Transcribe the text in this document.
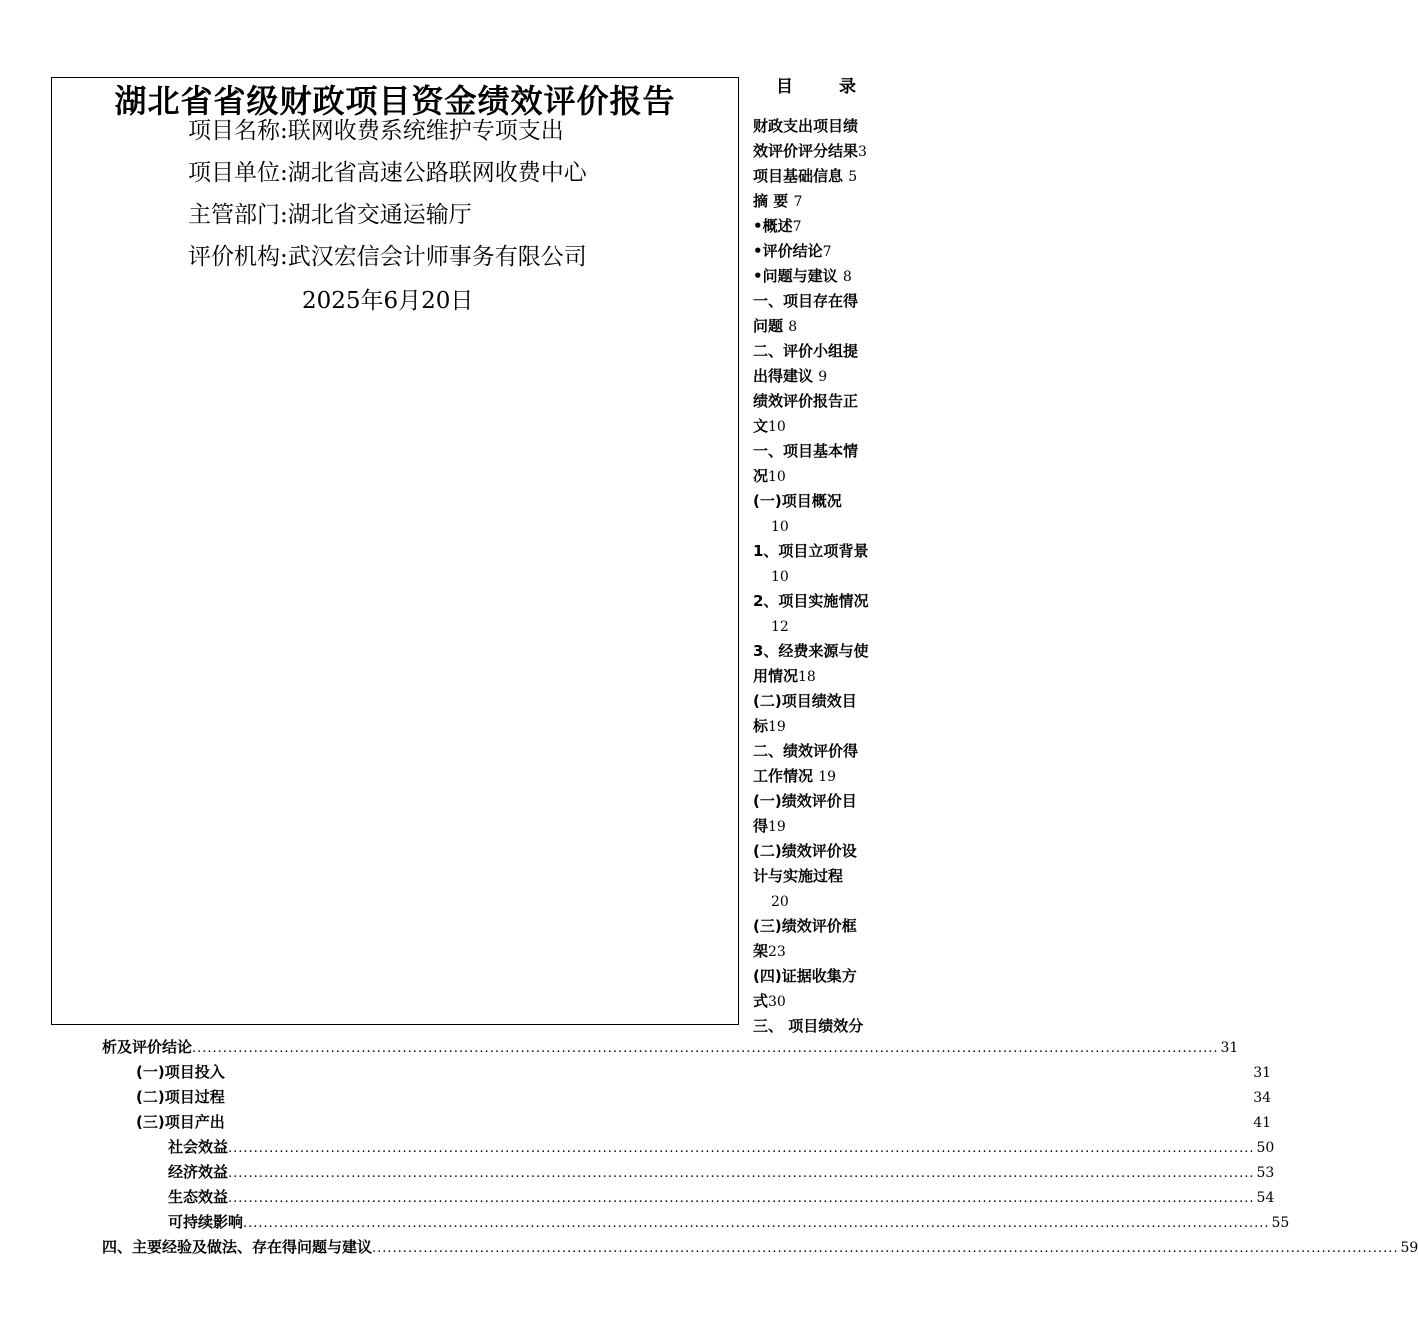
湖北省省级财政项目资金绩效评价报告
项目名称:联网收费系统维护专项支出
项目单位:湖北省高速公路联网收费中心
主管部门:湖北省交通运输厅
评价机构:武汉宏信会计师事务有限公司
2025年6月20日
目 录
财政支出项目绩
效评价评分结果3
项目基础信息 5
摘 要 7
•概述7
•评价结论7
•问题与建议 8
一、项目存在得
问题 8
二、评价小组提
出得建议 9
绩效评价报告正
文10
一、项目基本情
况10
(一)项目概况
10
1、项目立项背景
10
2、项目实施情况
12
3、经费来源与使
用情况18
(二)项目绩效目
标19
二、绩效评价得
工作情况 19
(一)绩效评价目
得19
(二)绩效评价设
计与实施过程
20
(三)绩效评价框
架23
(四)证据收集方
式30
三、 项目绩效分
析及评价结论 ........................................................................................................................................................................................................ 31
(一)项目投入	31
(二)项目过程	34
(三)项目产出	41
社会效益 ........................................................................................................................................................................................................ 50
经济效益 ........................................................................................................................................................................................................ 53
生态效益 ........................................................................................................................................................................................................ 54
可持续影响 ........................................................................................................................................................................................................ 55
四、主要经验及做法、存在得问题与建议 ........................................................................................................................................................................................................ 59
